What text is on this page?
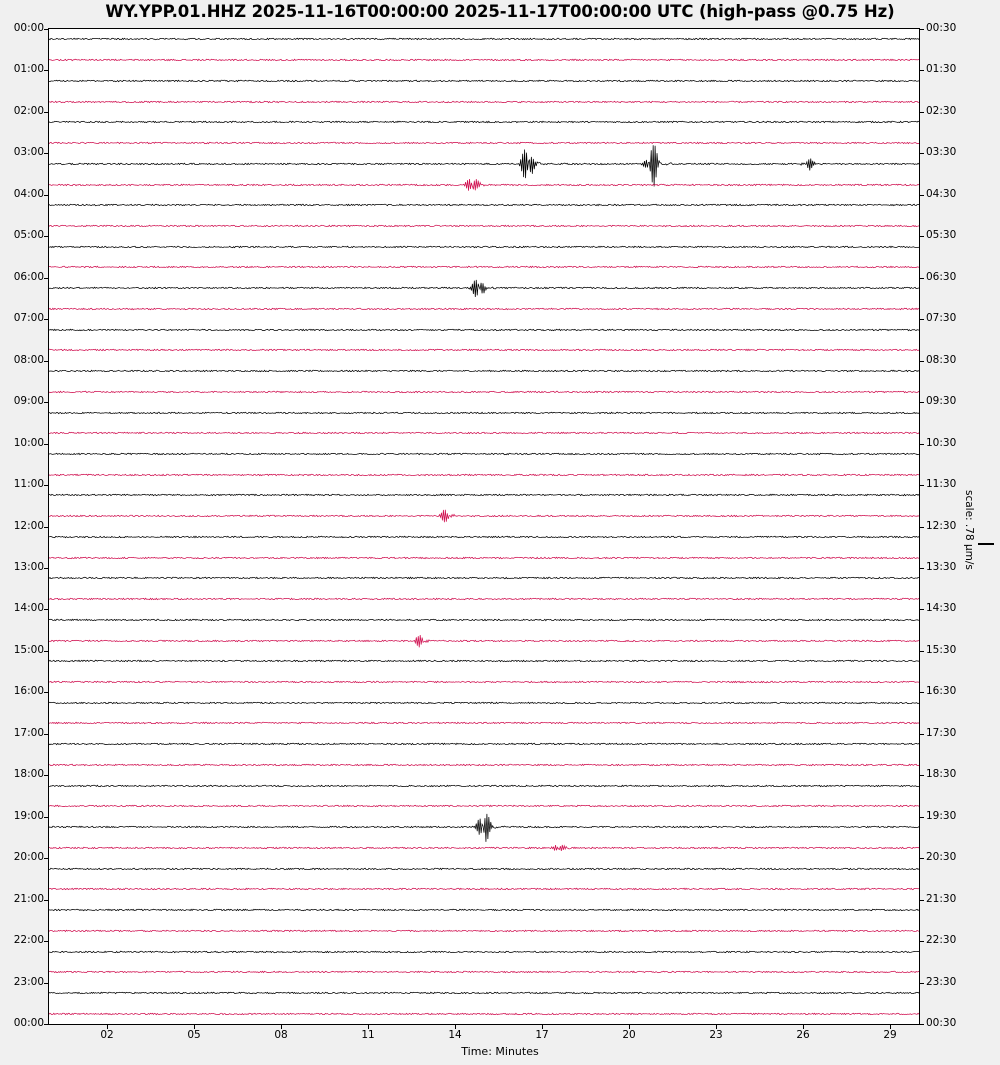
WY.YPP.01.HHZ 2025-11-16T00:00:00 2025-11-17T00:00:00 UTC (high-pass @0.75 Hz)
00:00	00:30
01:00	01:30
02:00	02:30
03:00	03:30
04:00	04:30
05:00	05:30
06:00	06:30
07:00	07:30
08:00	08:30
09:00	09:30
10:00	10:30
11:00	11:30
12:00	12:30
13:00	13:30
14:00	14:30
15:00	15:30
16:00	16:30
17:00	17:30
18:00	18:30
19:00	19:30
20:00	20:30
21:00	21:30
22:00	22:30
23:00	23:30
00:00	00:30
02	05	08	11	14	17	20	23	26	29
Time: Minutes
scale: .78 µm/s
